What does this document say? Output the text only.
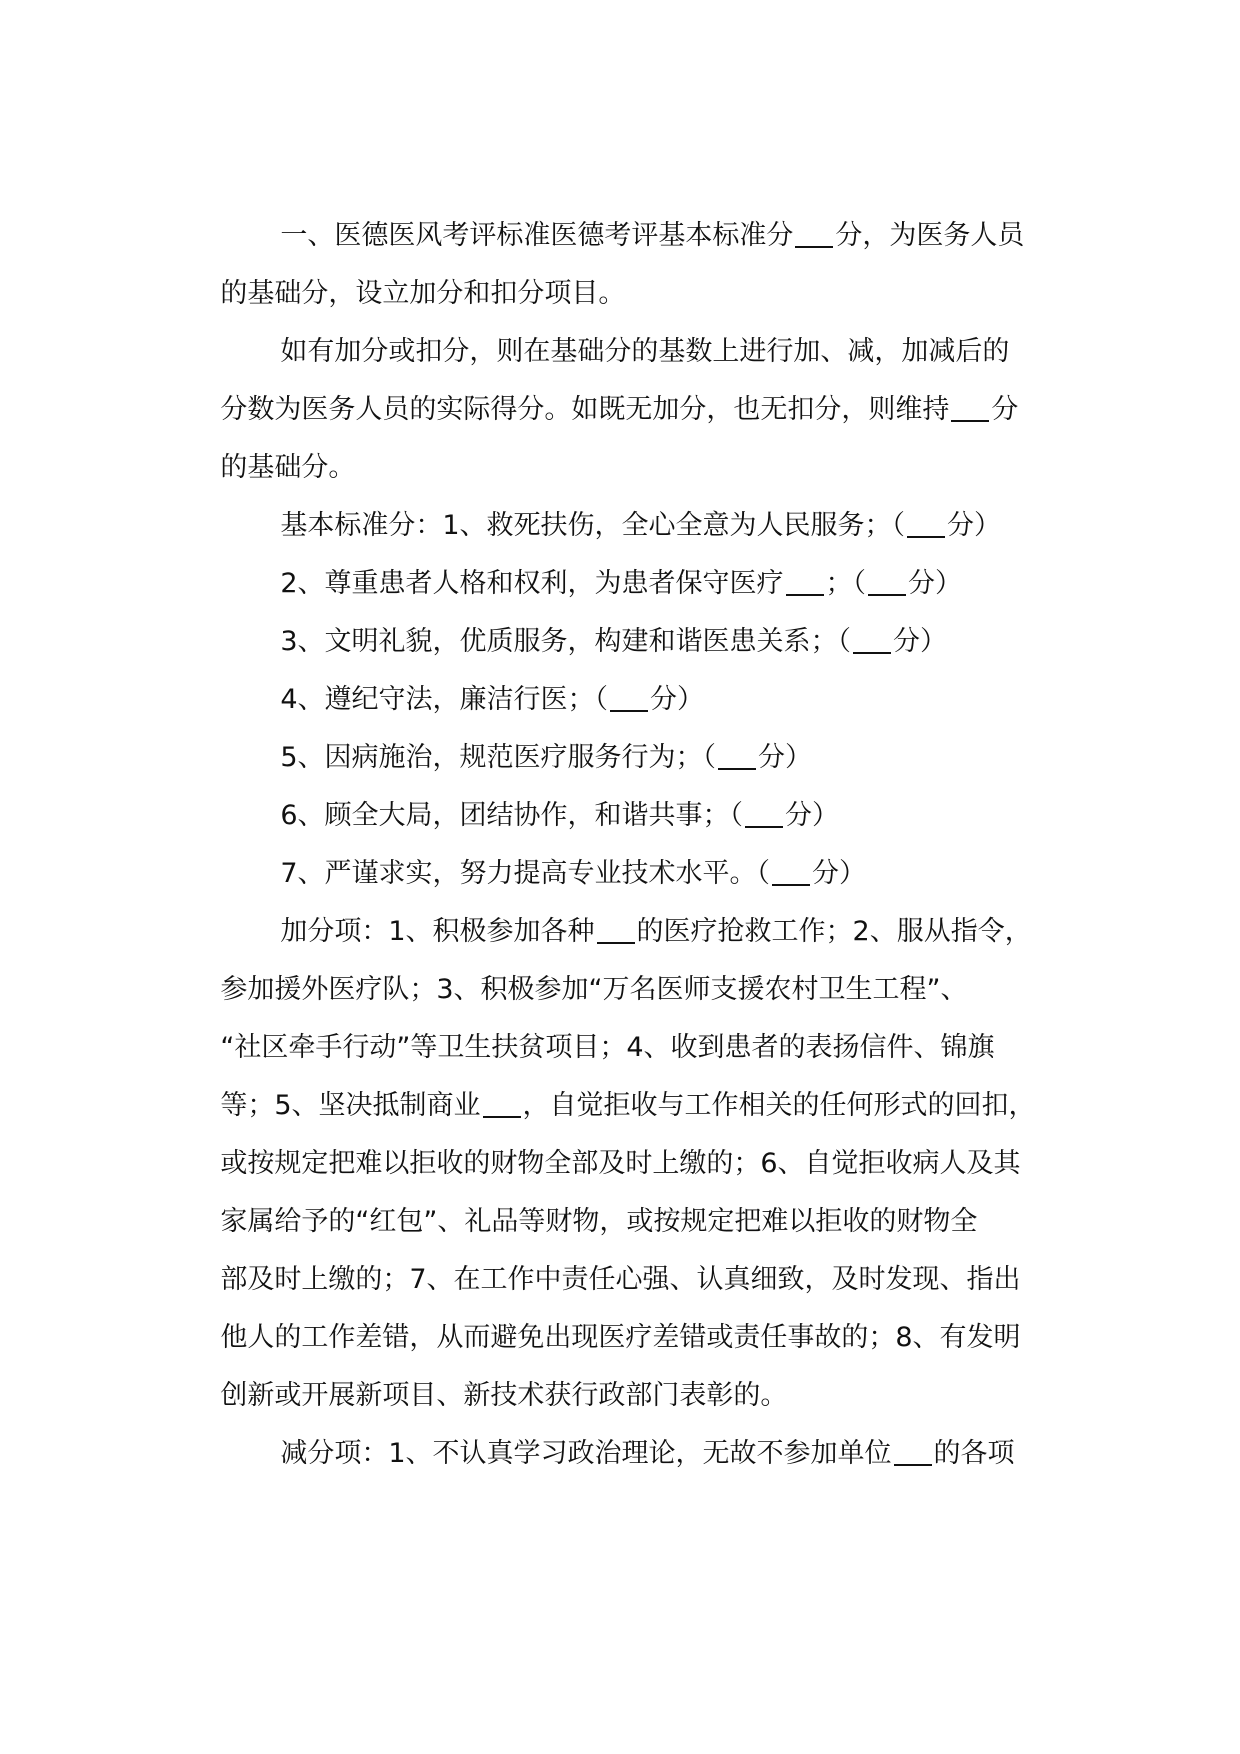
一、医德医风考评标准医德考评基本标准分 分，为医务人员

的基础分，设立加分和扣分项目。

如有加分或扣分，则在基础分的基数上进行加、减，加减后的

分数为医务人员的实际得分。如既无加分，也无扣分，则维持 分

的基础分。

基本标准分：1、救死扶伤，全心全意为人民服务；（ 分）

2、尊重患者人格和权利，为患者保守医疗 ；（ 分）

3、文明礼貌，优质服务，构建和谐医患关系；（ 分）

4、遵纪守法，廉洁行医；（ 分）

5、因病施治，规范医疗服务行为；（ 分）

6、顾全大局，团结协作，和谐共事；（ 分）

7、严谨求实，努力提高专业技术水平。（ 分）

加分项：1、积极参加各种 的医疗抢救工作；2、服从指令，

参加援外医疗队；3、积极参加“万名医师支援农村卫生工程”、

“社区牵手行动”等卫生扶贫项目；4、收到患者的表扬信件、锦旗

等；5、坚决抵制商业 ，自觉拒收与工作相关的任何形式的回扣，

或按规定把难以拒收的财物全部及时上缴的；6、自觉拒收病人及其

家属给予的“红包”、礼品等财物，或按规定把难以拒收的财物全

部及时上缴的；7、在工作中责任心强、认真细致，及时发现、指出

他人的工作差错，从而避免出现医疗差错或责任事故的；8、有发明

创新或开展新项目、新技术获行政部门表彰的。

减分项：1、不认真学习政治理论，无故不参加单位 的各项
